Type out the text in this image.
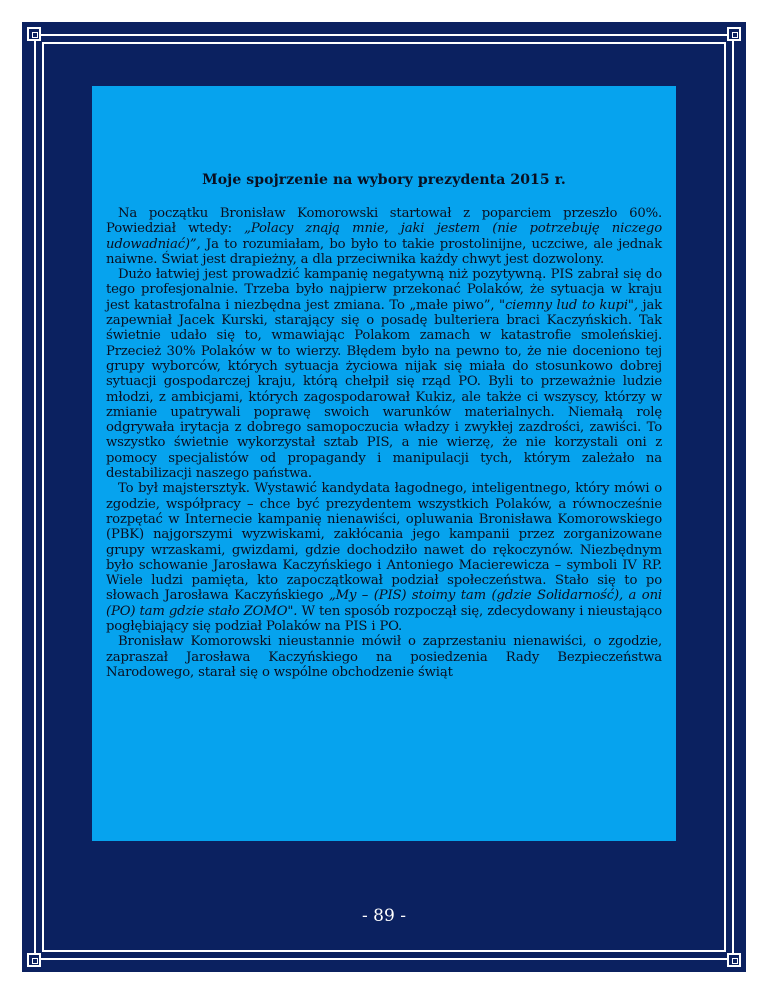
Moje spojrzenie na wybory prezydenta 2015 r.

Na początku Bronisław Komorowski startował z poparciem przeszło 60%. Powiedział wtedy: „Polacy znają mnie, jaki jestem (nie potrzebuję niczego udowadniać)”, Ja to rozumiałam, bo było to takie prostolinijne, uczciwe, ale jednak naiwne. Świat jest drapieżny, a dla przeciwnika każdy chwyt jest dozwolony.

Dużo łatwiej jest prowadzić kampanię negatywną niż pozytywną. PIS zabrał się do tego profesjonalnie. Trzeba było najpierw przekonać Polaków, że sytuacja w kraju jest katastrofalna i niezbędna jest zmiana. To „małe piwo”, "ciemny lud to kupi", jak zapewniał Jacek Kurski, starający się o posadę bulteriera braci Kaczyńskich. Tak świetnie udało się to, wmawiając Polakom zamach w katastrofie smoleńskiej. Przecież 30% Polaków w to wierzy. Błędem było na pewno to, że nie doceniono tej grupy wyborców, których sytuacja życiowa nijak się miała do stosunkowo dobrej sytuacji gospodarczej kraju, którą chełpił się rząd PO. Byli to przeważnie ludzie młodzi, z ambicjami, których zagospodarował Kukiz, ale także ci wszyscy, którzy w zmianie upatrywali poprawę swoich warunków materialnych. Niemałą rolę odgrywała irytacja z dobrego samopoczucia władzy i zwykłej zazdrości, zawiści. To wszystko świetnie wykorzystał sztab PIS, a nie wierzę, że nie korzystali oni z pomocy specjalistów od propagandy i manipulacji tych, którym zależało na destabilizacji naszego państwa.

To był majstersztyk. Wystawić kandydata łagodnego, inteligentnego, który mówi o zgodzie, współpracy – chce być prezydentem wszystkich Polaków, a równocześnie rozpętać w Internecie kampanię nienawiści, opluwania Bronisława Komorowskiego (PBK) najgorszymi wyzwiskami, zakłócania jego kampanii przez zorganizowane grupy wrzaskami, gwizdami, gdzie dochodziło nawet do rękoczynów. Niezbędnym było schowanie Jarosława Kaczyńskiego i Antoniego Macierewicza – symboli IV RP. Wiele ludzi pamięta, kto zapoczątkował podział społeczeństwa. Stało się to po słowach Jarosława Kaczyńskiego „My – (PIS) stoimy tam (gdzie Solidarność), a oni (PO) tam gdzie stało ZOMO". W ten sposób rozpoczął się, zdecydowany i nieustająco pogłębiający się podział Polaków na PIS i PO.

Bronisław Komorowski nieustannie mówił o zaprzestaniu nienawiści, o zgodzie, zapraszał Jarosława Kaczyńskiego na posiedzenia Rady Bezpieczeństwa Narodowego, starał się o wspólne obchodzenie świąt

- 89 -
